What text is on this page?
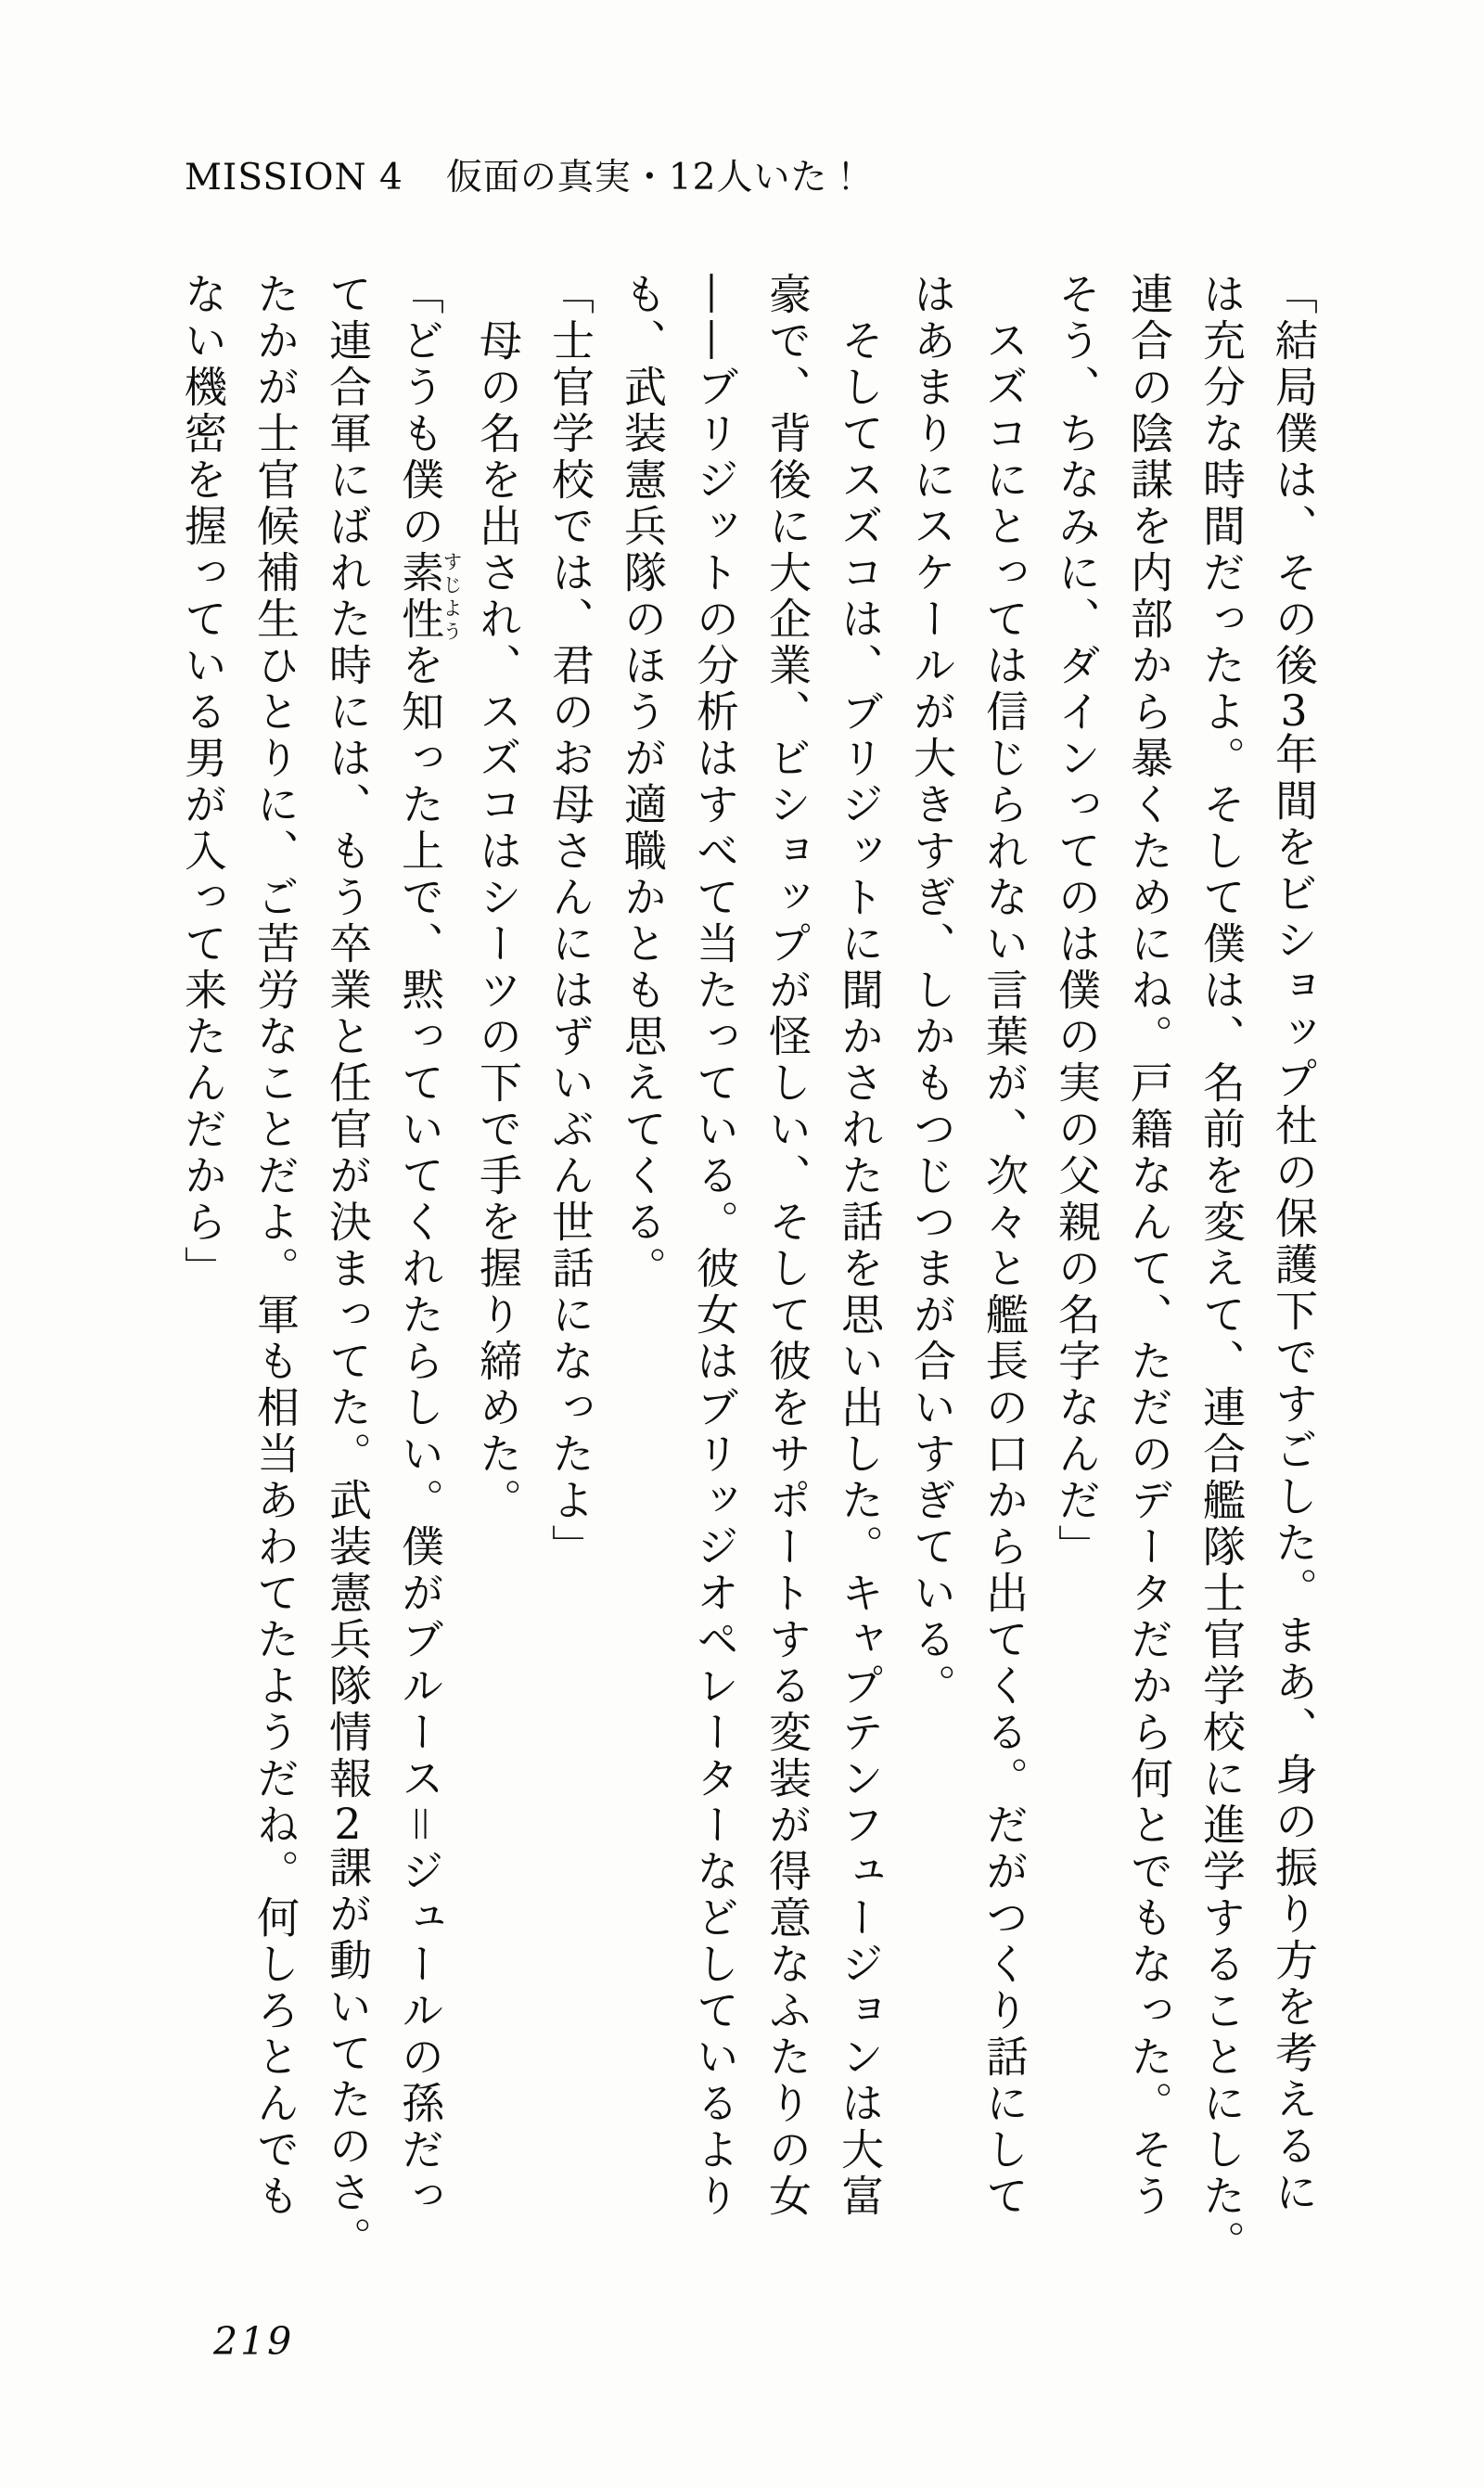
MISSION 4 仮面の真実・12人いた！
「結局僕は、その後3年間をビショップ社の保護下ですごした。まあ、身の振り方を考えるに
は充分な時間だったよ。そして僕は、名前を変えて、連合艦隊士官学校に進学することにした。
連合の陰謀を内部から暴くためにね。戸籍なんて、ただのデータだから何とでもなった。そう
そう、ちなみに、ダインってのは僕の実の父親の名字なんだ」
スズコにとっては信じられない言葉が、次々と艦長の口から出てくる。だがつくり話にして
はあまりにスケールが大きすぎ、しかもつじつまが合いすぎている。
そしてスズコは、ブリジットに聞かされた話を思い出した。キャプテンフュージョンは大富
豪で、背後に大企業、ビショップが怪しい、そして彼をサポートする変装が得意なふたりの女
——ブリジットの分析はすべて当たっている。彼女はブリッジオペレーターなどしているより
も、武装憲兵隊のほうが適職かとも思えてくる。
「士官学校では、君のお母さんにはずいぶん世話になったよ」
母の名を出され、スズコはシーツの下で手を握り締めた。
「どうも僕の素性すじようを知った上で、黙っていてくれたらしい。僕がブルース＝ジュールの孫だっ
て連合軍にばれた時には、もう卒業と任官が決まってた。武装憲兵隊情報2課が動いてたのさ。
たかが士官候補生ひとりに、ご苦労なことだよ。軍も相当あわてたようだね。何しろとんでも
ない機密を握っている男が入って来たんだから」
219
